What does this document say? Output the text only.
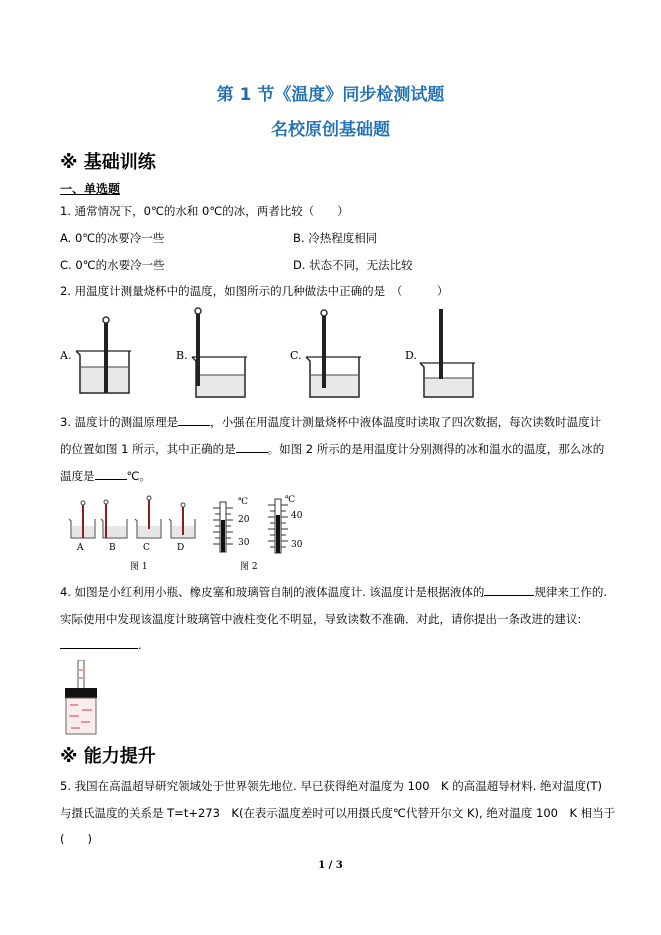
第 1 节《温度》同步检测试题
名校原创基础题
※ 基础训练
一、单选题
1. 通常情况下，0℃的水和 0℃的冰，两者比较（　　）
A. 0℃的冰要冷一些	B. 冷热程度相同
C. 0℃的水要冷一些	D. 状态不同，无法比较
2. 用温度计测量烧杯中的温度，如图所示的几种做法中正确的是　（　　　）
A.	B.	C.	D.
3. 温度计的测温原理是	，小强在用温度计测量烧杯中液体温度时读取了四次数据，每次读数时温度计
的位置如图 1 所示，其中正确的是	。如图 2 所示的是用温度计分别测得的冰和温水的温度，那么冰的
温度是	℃。
A	B	C	D
图 1
℃
20
30
℃
40
30
图 2
4. 如图是小红利用小瓶、橡皮塞和玻璃管自制的液体温度计. 该温度计是根据液体的	规律来工作的.
实际使用中发现该温度计玻璃管中液柱变化不明显，导致读数不准确．对此，请你提出一条改进的建议:
.
※ 能力提升
5. 我国在高温超导研究领域处于世界领先地位. 早已获得绝对温度为 100　K 的高温超导材料. 绝对温度(T)
与摄氏温度的关系是 T=t+273　K(在表示温度差时可以用摄氏度℃代替开尔文 K), 绝对温度 100　K 相当于
(　　)
1 / 3
